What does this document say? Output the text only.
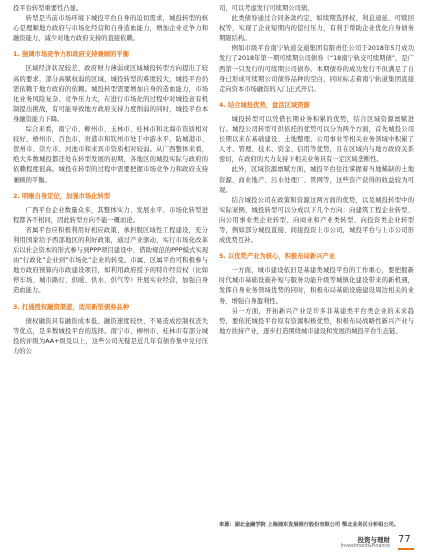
投平台转型重要性凸显。

转型是当前市场环境下城投平台自身的迫切需求，城投转型的核心是理顺地方政府与市场化经营和自身造血能力，增加企业竞争力和融资能力，减少对地方政府支持的直接依赖。

1. 强调市场竞争力和政府支持兼顾的平衡

区域经济状况较差、政府财力薄弱或区域城投转型方向提出了较高的要求，部分高赋权弱的区域，城投转型的难度较大，城投平台仍需依赖于地方政府的依赖。城投转型需要增加自身的造血能力，市场化业务风险复杂、竞争压力大，在进行市场化的过程中对城投意有机制提出挑战，有可能导致地方政府支持力度削弱的同时，城投平台本身融资能力下降。

综合来看，南宁市、柳州市、玉林市、桂林市和北海市资质相对较好，梧州市、百色市、贵港市和钦州市处于中游水平，防城港市、贺州市、崇左市、河池市和来宾市资质相对较弱。从广西整体来看，绝大多数城投都还处在转型发展的初期，各地区的城投实际与政府的依赖程度很高。城投在转型的过程中需要把握市场竞争力和政府支持兼顾的平衡。

2. 明晰自身定位，加强市场化转型

广西平台企业数量众多，其整体实力、发展水平、市场化转型进程都各不相同，因此转型方向不能一概而论。

省属平台应积极利用好相应政策、承担脱区域性工程建设，充分利用国家给予西部地区的利好政策，通过产业驱动，实行市场化改革后以社会资本的形式参与到PPP项目建设中，借助规范的PPP模式实现由“行政化”企业到“市场化”企业的转变。市属、区属平台可积极参与地方政府预算内市政建设项目，如利用政府授予的特许经营权（比如停车场、城市路灯、供暖、供水、供气等）开展实业经营，加强自身造血能力。

3. 打通授权融资渠道，适用新型债券品种

债权融资具有融资成本低、融资速度较快、不易造成控制权丧失等优点，是多数城投平台的选择。南宁市、柳州市、桂林市有部分城投的评级为AA+级及以上，这些公司无疑是近几年有债券集中兑付压力的公

司，可以考虑发行可续期公司债。

此类债券通过合同条款约定，如续期选择权、利息递延、可赎回权等，实现了企业短期内的偿付压力，有利于帮助企业优化自身债务期限结构。

例如市级平台南宁轨道交通集团有限责任公司于2018年5月成功发行了2018年第一期可续期公司债券（“18南宁轨交可续期债”，是广西第一只发行的可续期公司债券。本期债券的成功发行不但满足了自身已形成可续期公司债券品种的空白，同时标志着南宁轨道集团直接走向资本市场融资的入门正式开启。

4. 结合城投优势，盘活区域资源

城投转型可以凭借长期业务积累的优势，结合区域资源禀赋进行。城投公司转型可供依托的优势可以分为两个方面，首先城投公司长期以来在基础建设、土地整理、公用事业等相关业务领域中积累了人才、管理、技术、资金、信用等优势，且在区域内与地方政府关系密切，在政府的大力支持下相关业务具有一定区域垄断性。

此外，区域资源禀赋方面，城投平台往往掌握着当地稀缺的土地资源、商业地产、污水处理厂、管网等，这些资产获得的收益较为可观。

结合城投公司在政策和资源这两方面的优势，以及城投转型中的实际案例，城投转型可以分成以下几个方向：向建筑工程企业转型、向公用事业类企业转型、向商业和产业类转型、向投资类企业转型等，例如部分城投直接、间接投资上市公司，城投平台与上市公司形成优势互补。

5. 以优势产业为核心，积极布局新兴产业

一方面，城市建设依旧是基建类城投平台的工作重心，要把握新时代城市基础设施补短与服务功能升级等城镇化建设带来的新机遇，发挥自身业务领域优势的同时，积极布局基础设施建设周边相关的业务，增强自身盈利性。

另一方面，开拓新兴产业是许多非基建类平台类企业的未来趋势，要依托城投平台原有资源积极优势，积极布局战略性新兴产业与地方扶持产业，逐步打造围绕城市建设和发展的城投平台生态链。

来源：湖北金融学院 上海浦东发展银行股份有限公司 鄂北业务区分析组公司。
投资与理财
Investment&Finance
77
